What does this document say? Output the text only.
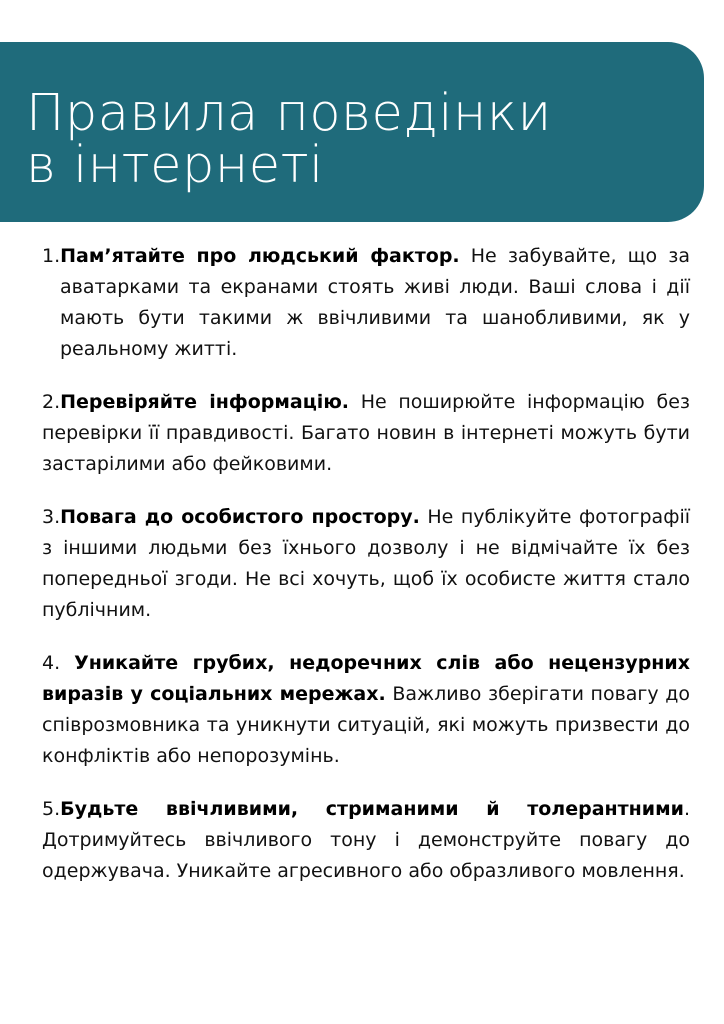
Правила поведінки
в інтернеті

1.Пам’ятайте про людський фактор. Не забувайте, що за аватарками та екранами стоять живі люди. Ваші слова і дії мають бути такими ж ввічливими та шанобливими, як у реальному житті.

2.Перевіряйте інформацію. Не поширюйте інформацію без перевірки її правдивості. Багато новин в інтернеті можуть бути застарілими або фейковими.

3.Повага до особистого простору. Не публікуйте фотографії з іншими людьми без їхнього дозволу і не відмічайте їх без попередньої згоди. Не всі хочуть, щоб їх особисте життя стало публічним.

4. Уникайте грубих, недоречних слів або нецензурних виразів у соціальних мережах. Важливо зберігати повагу до співрозмовника та уникнути ситуацій, які можуть призвести до конфліктів або непорозумінь.

5.Будьте ввічливими, стриманими й толерантними. Дотримуйтесь ввічливого тону і демонструйте повагу до одержувача. Уникайте агресивного або образливого мовлення.
